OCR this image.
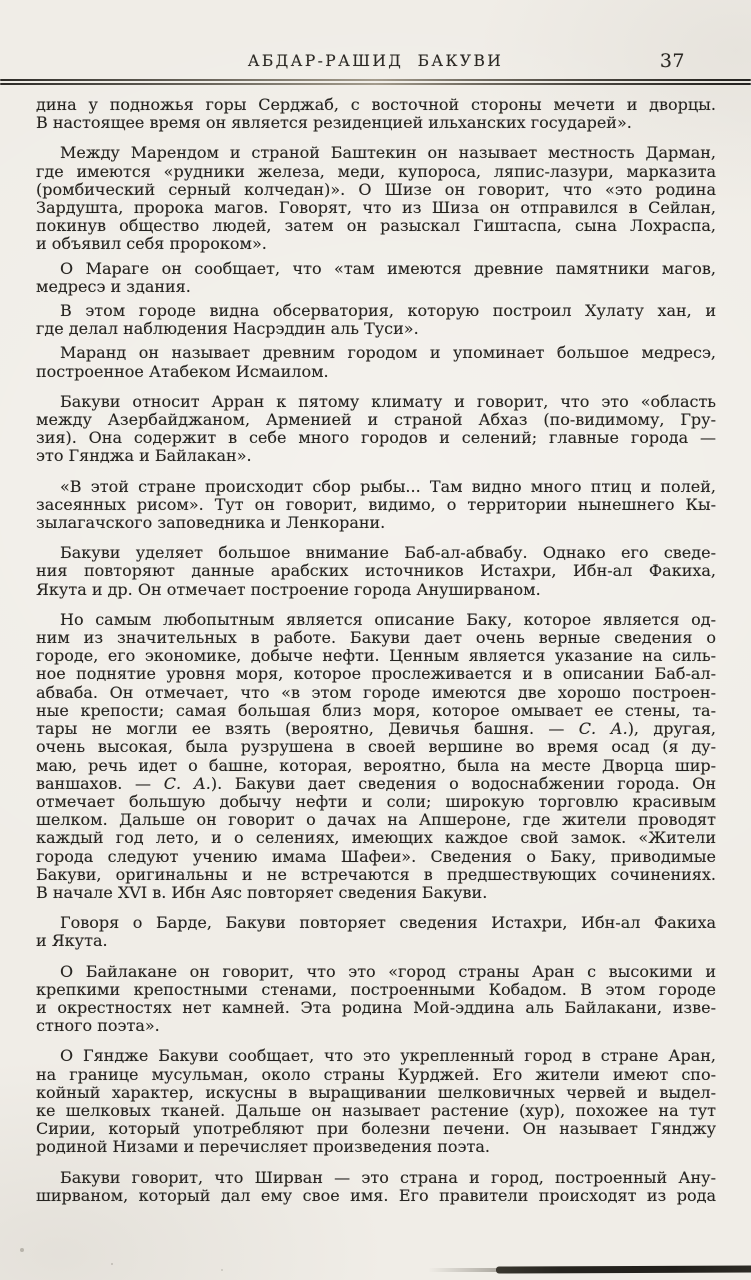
АБДАР-РАШИД БАКУВИ	37

дина у подножья горы Серджаб, с восточной стороны мечети и дворцы.
В настоящее время он является резиденцией ильханских государей».

Между Марендом и страной Баштекин он называет местность Дарман,
где имеются «рудники железа, меди, купороса, ляпис-лазури, марказита
(ромбический серный колчедан)». О Шизе он говорит, что «это родина
Зардушта, пророка магов. Говорят, что из Шиза он отправился в Сейлан,
покинув общество людей, затем он разыскал Гиштаспа, сына Лохраспа,
и объявил себя пророком».

О Мараге он сообщает, что «там имеются древние памятники магов,
медресэ и здания.

В этом городе видна обсерватория, которую построил Хулату хан, и
где делал наблюдения Насрэддин аль Туси».

Маранд он называет древним городом и упоминает большое медресэ,
построенное Атабеком Исмаилом.

Бакуви относит Арран к пятому климату и говорит, что это «область
между Азербайджаном, Арменией и страной Абхаз (по-видимому, Гру-
зия). Она содержит в себе много городов и селений; главные города —
это Гянджа и Байлакан».

«В этой стране происходит сбор рыбы... Там видно много птиц и полей,
засеянных рисом». Тут он говорит, видимо, о территории нынешнего Кы-
зылагачского заповедника и Ленкорани.

Бакуви уделяет большое внимание Баб-ал-абвабу. Однако его сведе-
ния повторяют данные арабских источников Истахри, Ибн-ал Факиха,
Якута и др. Он отмечает построение города Ануширваном.

Но самым любопытным является описание Баку, которое является од-
ним из значительных в работе. Бакуви дает очень верные сведения о
городе, его экономике, добыче нефти. Ценным является указание на силь-
ное поднятие уровня моря, которое прослеживается и в описании Баб-ал-
абваба. Он отмечает, что «в этом городе имеются две хорошо построен-
ные крепости; самая большая близ моря, которое омывает ее стены, та-
тары не могли ее взять (вероятно, Девичья башня. — С. А.), другая,
очень высокая, была рузрушена в своей вершине во время осад (я ду-
маю, речь идет о башне, которая, вероятно, была на месте Дворца шир-
ваншахов. — С. А.). Бакуви дает сведения о водоснабжении города. Он
отмечает большую добычу нефти и соли; широкую торговлю красивым
шелком. Дальше он говорит о дачах на Апшероне, где жители проводят
каждый год лето, и о селениях, имеющих каждое свой замок. «Жители
города следуют учению имама Шафеи». Сведения о Баку, приводимые
Бакуви, оригинальны и не встречаются в предшествующих сочинениях.
В начале XVI в. Ибн Аяс повторяет сведения Бакуви.

Говоря о Барде, Бакуви повторяет сведения Истахри, Ибн-ал Факиха
и Якута.

О Байлакане он говорит, что это «город страны Аран с высокими и
крепкими крепостными стенами, построенными Кобадом. В этом городе
и окрестностях нет камней. Эта родина Мой-эддина аль Байлакани, изве-
стного поэта».

О Гяндже Бакуви сообщает, что это укрепленный город в стране Аран,
на границе мусульман, около страны Курджей. Его жители имеют спо-
койный характер, искусны в выращивании шелковичных червей и выдел-
ке шелковых тканей. Дальше он называет растение (хур), похожее на тут
Сирии, который употребляют при болезни печени. Он называет Гянджу
родиной Низами и перечисляет произведения поэта.

Бакуви говорит, что Ширван — это страна и город, построенный Ану-
ширваном, который дал ему свое имя. Его правители происходят из рода
